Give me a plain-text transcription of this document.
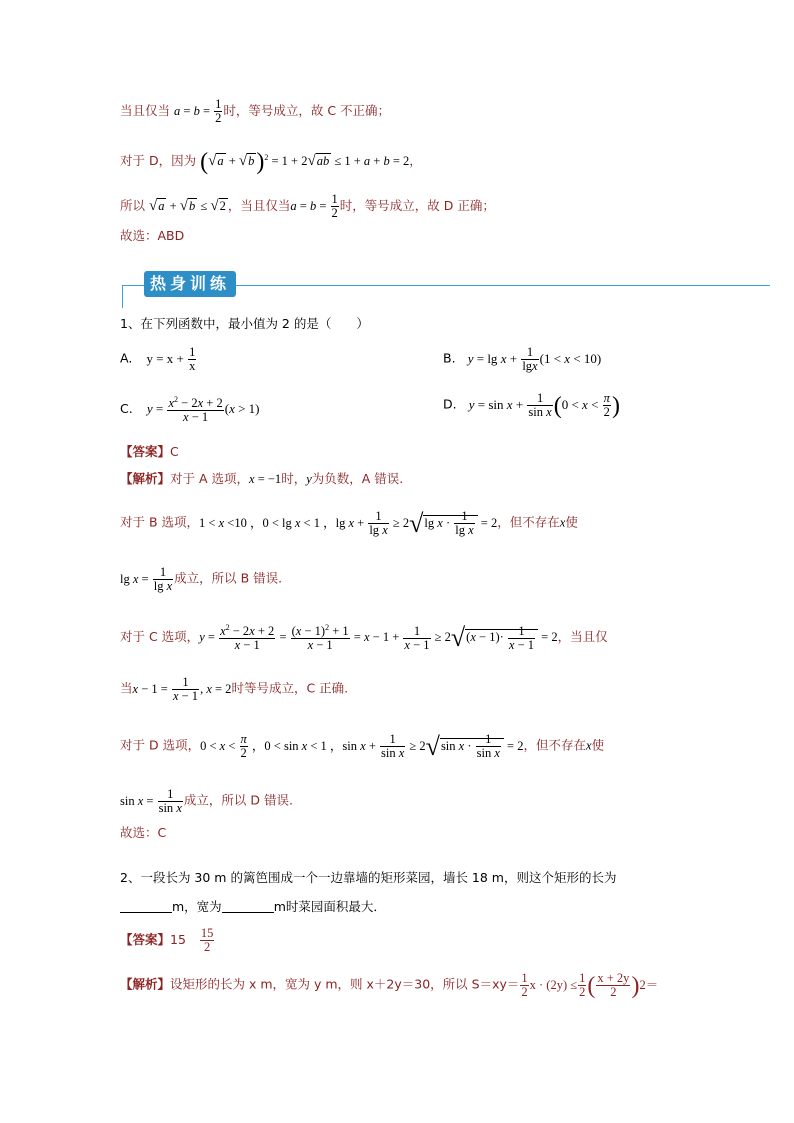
当且仅当 $a = b = \frac{1}{2}$ 时，等号成立，故 C 不正确；
对于 D，因为 $(√a + √b)^2 = 1 + 2√ab \le 1 + a + b = 2$，
所以 √a + √b ≤ √2 ，当且仅当$a = b = \frac{1}{2}$ 时，等号成立，故 D 正确；
故选：ABD
热身训练
1、在下列函数中，最小值为 2 的是（　　）
A. $y = x + \frac{1}{x}$	B. $y = \lg x + \frac{1}{\lg x} (1 < x < 10)$
C. $y = \frac{x^2 - 2x + 2}{x - 1} (x > 1)$	D. $y = \sin x + \frac{1}{\text{sin x}} (0 < x < \frac{\pi}{2}$ )
【答案】C
【解析】对于 A 选项，x = −1时，y为负数，A 错误.
对于 B 选项，1 < x <10 ，0 < lg x < 1 ，$\lg x + \frac{1}{\text{lg x}} \ge 2√\lg$ $x \cdot \frac{1}{\text{lg x}} = 2$，但不存在x使
$\lg x = \frac{1}{\text{lg x}}$ 成立，所以 B 错误.
对于 C 选项，$y = \frac{x^2 - 2x + 2}{x - 1} = \frac{(x - 1)^2 + 1}{x - 1} = x - 1 + \frac{1}{x - 1} \ge 2√(x - 1)\cdot \frac{1}{x - 1} = 2$，当且仅
当$x - 1 = \frac{1}{x - 1}$ , x = 2时等号成立，C 正确.
对于 D 选项，$0 < x < \frac{\pi}{2}$ ，0 < sin x < 1 ，$\sin x + \frac{1}{\text{sin x}} \ge 2√\sin$ $x \cdot \frac{1}{\text{sin x}} = 2$，但不存在x使
$\sin x = \frac{1}{\text{sin x}}$ 成立，所以 D 错误.
故选：C
2、一段长为 30 m 的篱笆围成一个一边靠墙的矩形菜园，墙长 18 m，则这个矩形的长为
m，宽为	m时菜园面积最大．
【答案】$15 \frac{15}{2}$
【解析】设矩形的长为 x m，宽为 y m，则 x＋2y＝30，所以 $S=xy= \frac{1}{2}$ $x \cdot (2y) \le \frac{1}{2}$ ( $\frac{x + 2y}{2} )2=$
